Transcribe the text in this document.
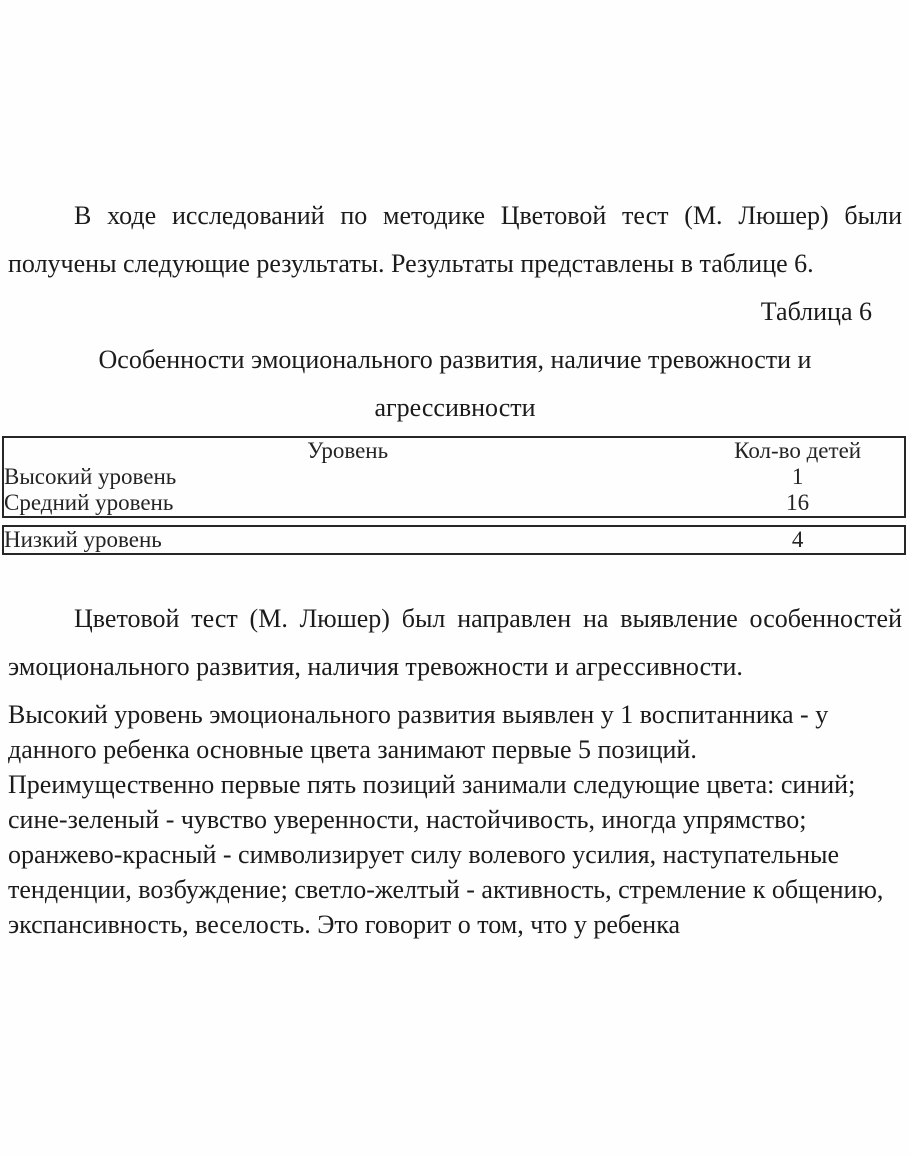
В ходе исследований по методике Цветовой тест (М. Люшер) были получены следующие результаты. Результаты представлены в таблице 6.

Таблица 6

Особенности эмоционального развития, наличие тревожности и
агрессивности
Уровень	Кол-во детей
Высокий уровень	1
Средний уровень	16
Низкий уровень	4

Цветовой тест (М. Люшер) был направлен на выявление особенностей эмоционального развития, наличия тревожности и агрессивности.

Высокий уровень эмоционального развития выявлен у 1 воспитанника - у данного ребенка основные цвета занимают первые 5 позиций.

Преимущественно первые пять позиций занимали следующие цвета: синий; сине-зеленый - чувство уверенности, настойчивость, иногда упрямство; оранжево-красный - символизирует силу волевого усилия, наступательные тенденции, возбуждение; светло-желтый - активность, стремление к общению, экспансивность, веселость. Это говорит о том, что у ребенка
